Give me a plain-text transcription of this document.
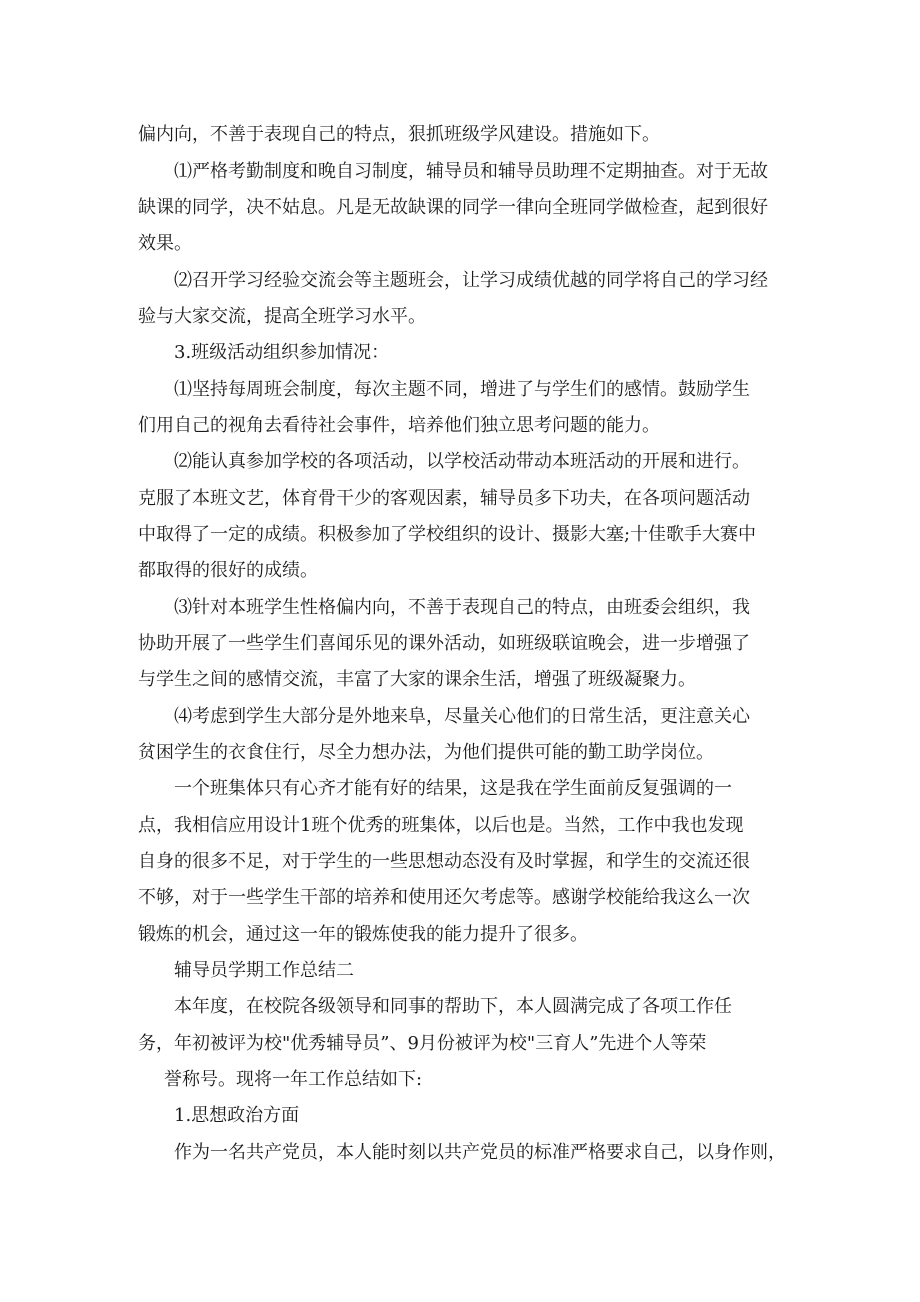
偏内向，不善于表现自己的特点，狠抓班级学风建设。措施如下。
⑴严格考勤制度和晚自习制度，辅导员和辅导员助理不定期抽查。对于无故
缺课的同学，决不姑息。凡是无故缺课的同学一律向全班同学做检查，起到很好
效果。
⑵召开学习经验交流会等主题班会，让学习成绩优越的同学将自己的学习经
验与大家交流，提高全班学习水平。
3.班级活动组织参加情况：
⑴坚持每周班会制度，每次主题不同，增进了与学生们的感情。鼓励学生
们用自己的视角去看待社会事件，培养他们独立思考问题的能力。
⑵能认真参加学校的各项活动，以学校活动带动本班活动的开展和进行。
克服了本班文艺，体育骨干少的客观因素，辅导员多下功夫，在各项问题活动
中取得了一定的成绩。积极参加了学校组织的设计、摄影大塞;十佳歌手大赛中
都取得的很好的成绩。
⑶针对本班学生性格偏内向，不善于表现自己的特点，由班委会组织，我
协助开展了一些学生们喜闻乐见的课外活动，如班级联谊晚会，进一步增强了
与学生之间的感情交流，丰富了大家的课余生活，增强了班级凝聚力。
⑷考虑到学生大部分是外地来阜，尽量关心他们的日常生活，更注意关心
贫困学生的衣食住行，尽全力想办法，为他们提供可能的勤工助学岗位。
一个班集体只有心齐才能有好的结果，这是我在学生面前反复强调的一
点，我相信应用设计1班个优秀的班集体，以后也是。当然，工作中我也发现
自身的很多不足，对于学生的一些思想动态没有及时掌握，和学生的交流还很
不够，对于一些学生干部的培养和使用还欠考虑等。感谢学校能给我这么一次
锻炼的机会，通过这一年的锻炼使我的能力提升了很多。
辅导员学期工作总结二
本年度，在校院各级领导和同事的帮助下，本人圆满完成了各项工作任
务，年初被评为校"优秀辅导员”、9月份被评为校"三育人”先进个人等荣
誉称号。现将一年工作总结如下:
1.思想政治方面
作为一名共产党员，本人能时刻以共产党员的标准严格要求自己，以身作则，
